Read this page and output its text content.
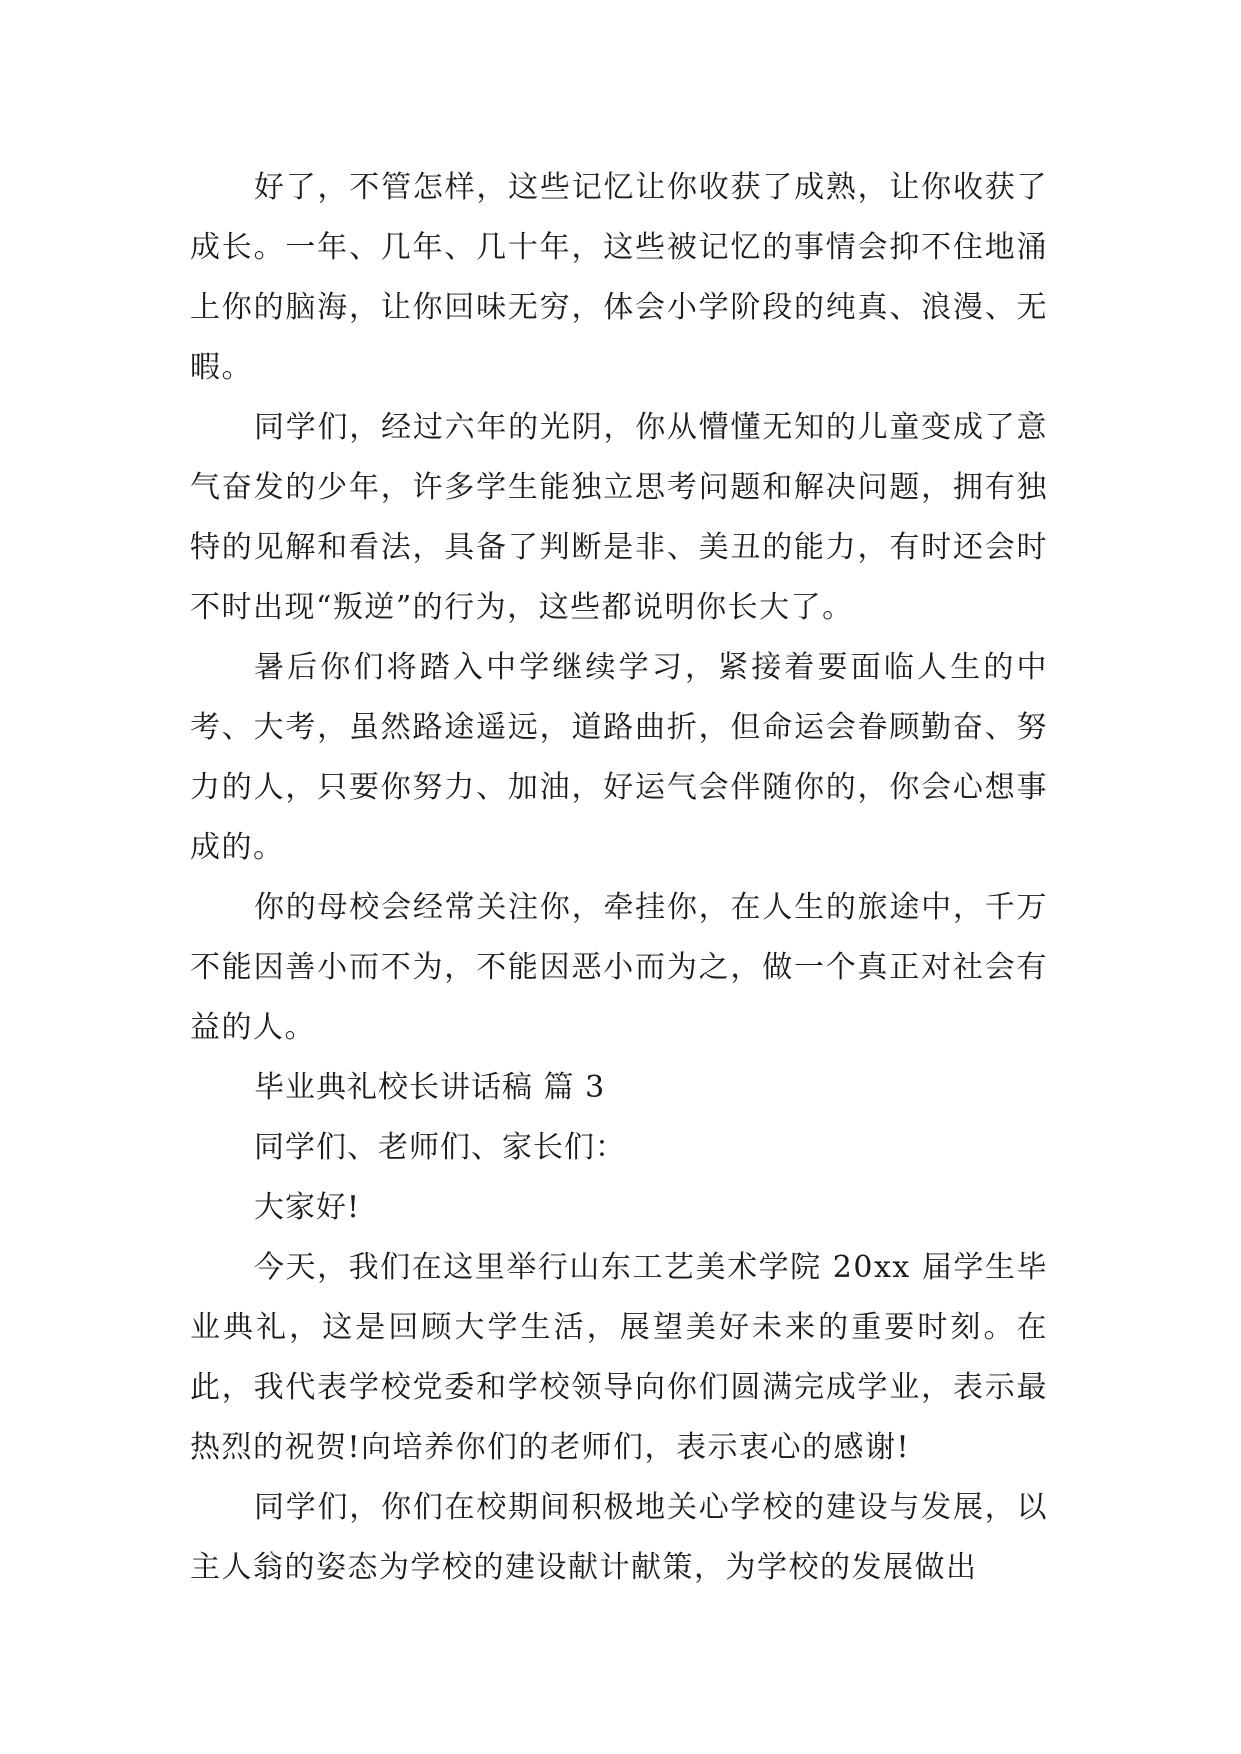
好了，不管怎样，这些记忆让你收获了成熟，让你收获了成长。一年、几年、几十年，这些被记忆的事情会抑不住地涌上你的脑海，让你回味无穷，体会小学阶段的纯真、浪漫、无暇。

同学们，经过六年的光阴，你从懵懂无知的儿童变成了意气奋发的少年，许多学生能独立思考问题和解决问题，拥有独特的见解和看法，具备了判断是非、美丑的能力，有时还会时不时出现“叛逆”的行为，这些都说明你长大了。

暑后你们将踏入中学继续学习，紧接着要面临人生的中考、大考，虽然路途遥远，道路曲折，但命运会眷顾勤奋、努力的人，只要你努力、加油，好运气会伴随你的，你会心想事成的。

你的母校会经常关注你，牵挂你，在人生的旅途中，千万不能因善小而不为，不能因恶小而为之，做一个真正对社会有益的人。

毕业典礼校长讲话稿 篇 3

同学们、老师们、家长们：

大家好!

今天，我们在这里举行山东工艺美术学院 20xx 届学生毕业典礼，这是回顾大学生活，展望美好未来的重要时刻。在此，我代表学校党委和学校领导向你们圆满完成学业，表示最热烈的祝贺!向培养你们的老师们，表示衷心的感谢!

同学们，你们在校期间积极地关心学校的建设与发展，以主人翁的姿态为学校的建设献计献策，为学校的发展做出
